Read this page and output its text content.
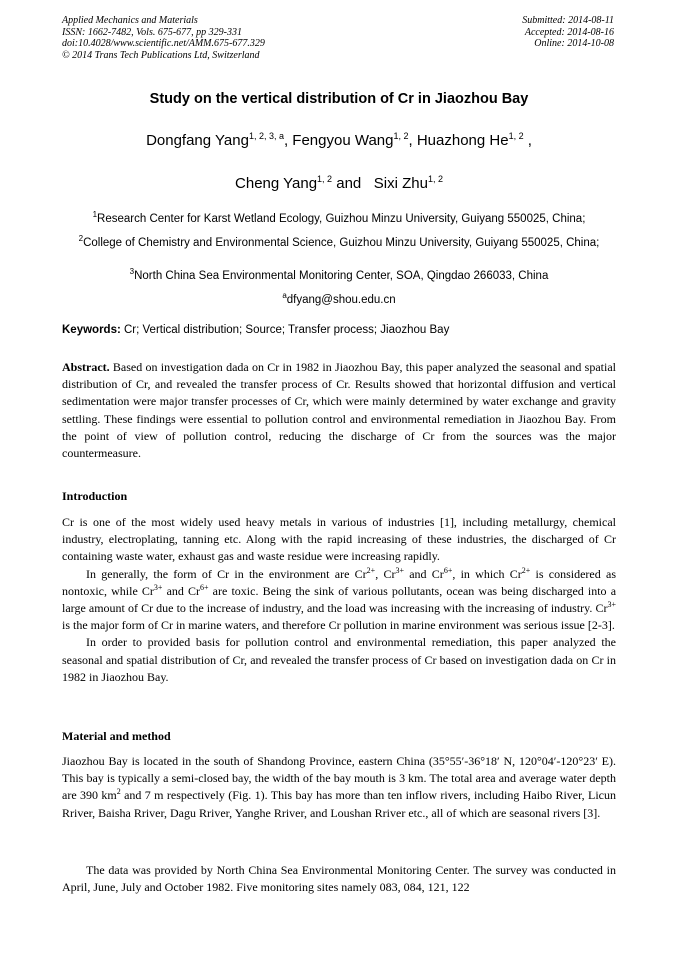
Applied Mechanics and Materials
ISSN: 1662-7482, Vols. 675-677, pp 329-331
doi:10.4028/www.scientific.net/AMM.675-677.329
© 2014 Trans Tech Publications Ltd, Switzerland
Submitted: 2014-08-11
Accepted: 2014-08-16
Online: 2014-10-08
Study on the vertical distribution of Cr in Jiaozhou Bay
Dongfang Yang$^{1, 2, 3, a}$, Fengyou Wang$^{1, 2}$, Huazhong He$^{1, 2}$ ,
Cheng Yang$^{1, 2}$ and   Sixi Zhu$^{1, 2}$
$^1$Research Center for Karst Wetland Ecology, Guizhou Minzu University, Guiyang 550025, China;
$^2$College of Chemistry and Environmental Science, Guizhou Minzu University, Guiyang 550025, China;
$^3$North China Sea Environmental Monitoring Center, SOA, Qingdao 266033, China
$^a$dfyang@shou.edu.cn
Keywords: Cr; Vertical distribution; Source; Transfer process; Jiaozhou Bay

Abstract. Based on investigation dada on Cr in 1982 in Jiaozhou Bay, this paper analyzed the seasonal and spatial distribution of Cr, and revealed the transfer process of Cr. Results showed that horizontal diffusion and vertical sedimentation were major transfer processes of Cr, which were mainly determined by water exchange and gravity settling. These findings were essential to pollution control and environmental remediation in Jiaozhou Bay. From the point of view of pollution control, reducing the discharge of Cr from the sources was the major countermeasure.

Introduction

Cr is one of the most widely used heavy metals in various of industries [1], including metallurgy, chemical industry, electroplating, tanning etc. Along with the rapid increasing of these industries, the discharged of Cr containing waste water, exhaust gas and waste residue were increasing rapidly.

In generally, the form of Cr in the environment are $Cr^{2+}$, $Cr^{3+}$ and $Cr^{6+}$, in which $Cr^{2+}$ is considered as nontoxic, while $Cr^{3+}$ and $Cr^{6+}$ are toxic. Being the sink of various pollutants, ocean was being discharged into a large amount of Cr due to the increase of industry, and the load was increasing with the increasing of industry. $Cr^{3+}$ is the major form of Cr in marine waters, and therefore Cr pollution in marine environment was serious issue [2-3].

In order to provided basis for pollution control and environmental remediation, this paper analyzed the seasonal and spatial distribution of Cr, and revealed the transfer process of Cr based on investigation dada on Cr in 1982 in Jiaozhou Bay.

Material and method

Jiaozhou Bay is located in the south of Shandong Province, eastern China (35°55′-36°18′ N, 120°04′-120°23′ E). This bay is typically a semi-closed bay, the width of the bay mouth is 3 km. The total area and average water depth are 390 $km^2$ and 7 m respectively (Fig. 1). This bay has more than ten inflow rivers, including Haibo River, Licun Rriver, Baisha Rriver, Dagu Rriver, Yanghe Rriver, and Loushan Rriver etc., all of which are seasonal rivers [3].

The data was provided by North China Sea Environmental Monitoring Center. The survey was conducted in April, June, July and October 1982. Five monitoring sites namely 083, 084, 121, 122
